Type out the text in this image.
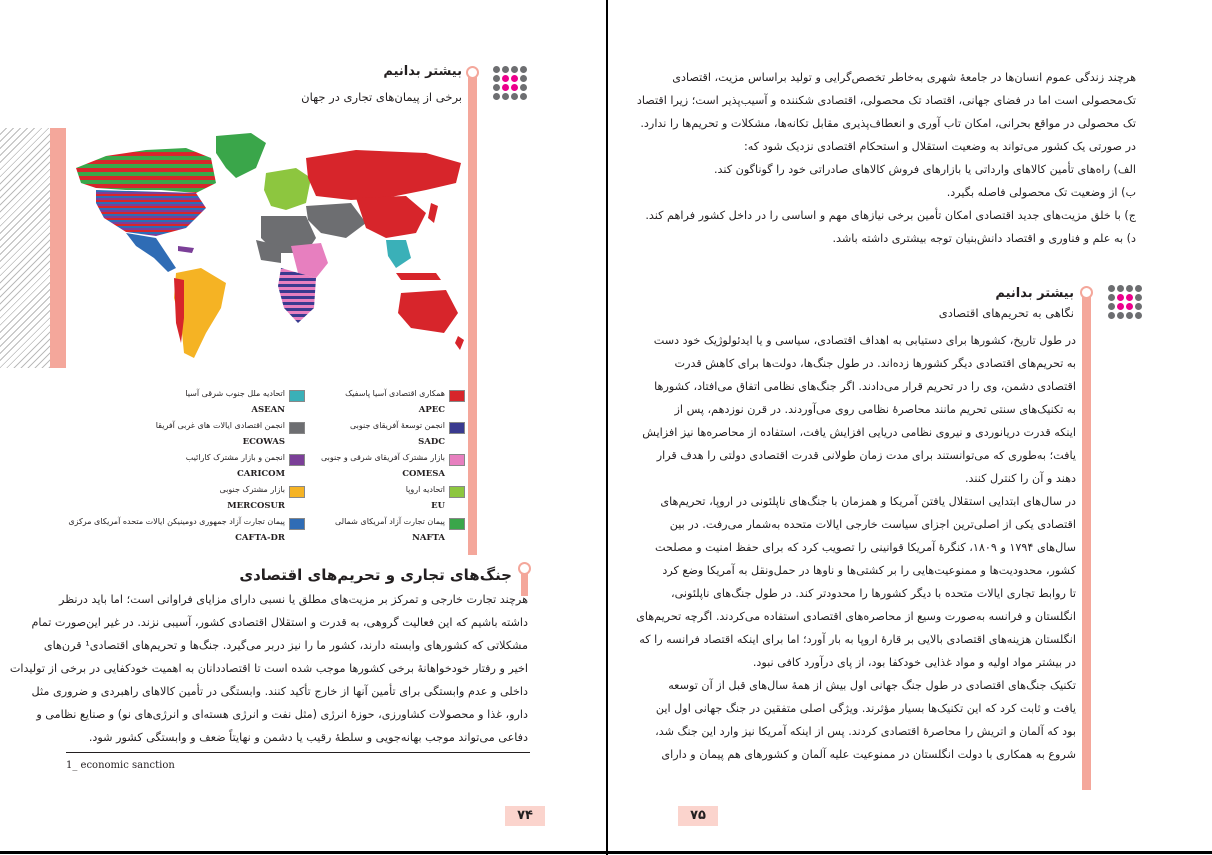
بیشتر بدانیم
برخی از پیمان‌های تجاری در جهان
همکاری اقتصادی آسیا پاسفیک
APEC
اتحادیه ملل جنوب شرقی آسیا
ASEAN
انجمن توسعهٔ آفریقای جنوبی
SADC
انجمن اقتصادی ایالات های غربی آفریقا
ECOWAS
بازار مشترک آفریقای شرقی و جنوبی
COMESA
انجمن و بازار مشترک کارائیب
CARICOM
اتحادیه اروپا
EU
بازار مشترک جنوبی
MERCOSUR
پیمان تجارت آزاد آمریکای شمالی
NAFTA
پیمان تجارت آزاد جمهوری دومینیکن ایالات متحده آمریکای مرکزی
CAFTA-DR
جنگ‌های تجاری و تحریم‌های اقتصادی
هرچند تجارت خارجی و تمرکز بر مزیت‌های مطلق یا نسبی دارای مزایای فراوانی است؛ اما باید درنظر
داشته باشیم که این فعالیت گروهی، به قدرت و استقلال اقتصادی کشور، آسیبی نزند. در غیر این‌صورت تمام
مشکلاتی که کشورهای وابسته دارند، کشور ما را نیز دربر می‌گیرد. جنگ‌ها و تحریم‌های اقتصادی¹ قرن‌های
اخیر و رفتار خودخواهانهٔ برخی کشورها موجب شده است تا اقتصاددانان به اهمیت خودکفایی در برخی از تولیدات
داخلی و عدم وابستگی برای تأمین آنها از خارج تأکید کنند. وابستگی در تأمین کالاهای راهبردی و ضروری مثل
دارو، غذا و محصولات کشاورزی، حوزهٔ انرژی (مثل نفت و انرژی هسته‌ای و انرژی‌های نو) و صنایع نظامی و
دفاعی می‌تواند موجب بهانه‌جویی و سلطهٔ رقیب یا دشمن و نهایتاً ضعف و وابستگی کشور شود.
1_ economic sanction
۷۴
هرچند زندگی عموم انسان‌ها در جامعهٔ شهری به‌خاطر تخصص‌گرایی و تولید براساس مزیت، اقتصادی
تک‌محصولی است اما در فضای جهانی، اقتصاد تک محصولی، اقتصادی شکننده و آسیب‌پذیر است؛ زیرا اقتصاد
تک محصولی در مواقع بحرانی، امکان تاب آوری و انعطاف‌پذیری مقابل تکانه‌ها، مشکلات و تحریم‌ها را ندارد.
در صورتی یک کشور می‌تواند به وضعیت استقلال و استحکام اقتصادی نزدیک شود که:
الف) راه‌های تأمین کالاهای وارداتی یا بازارهای فروش کالاهای صادراتی خود را گوناگون کند.
ب) از وضعیت تک محصولی فاصله بگیرد.
ج) با خلق مزیت‌های جدید اقتصادی امکان تأمین برخی نیازهای مهم و اساسی را در داخل کشور فراهم کند.
د) به علم و فناوری و اقتصاد دانش‌بنیان توجه بیشتری داشته باشد.
بیشتر بدانیم
نگاهی به تحریم‌های اقتصادی
در طول تاریخ، کشورها برای دستیابی به اهداف اقتصادی، سیاسی و یا ایدئولوژیک خود دست
به تحریم‌های اقتصادی دیگر کشورها زده‌اند. در طول جنگ‌ها، دولت‌ها برای کاهش قدرت
اقتصادی دشمن، وی را در تحریم قرار می‌دادند. اگر جنگ‌های نظامی اتفاق می‌افتاد، کشورها
به تکنیک‌های سنتی تحریم مانند محاصرهٔ نظامی روی می‌آوردند. در قرن نوزدهم، پس از
اینکه قدرت دریانوردی و نیروی نظامی دریایی افزایش یافت، استفاده از محاصره‌ها نیز افزایش
یافت؛ به‌طوری که می‌توانستند برای مدت زمان طولانی قدرت اقتصادی دولتی را هدف قرار
دهند و آن را کنترل کنند.
در سال‌های ابتدایی استقلال یافتن آمریکا و همزمان با جنگ‌های ناپلئونی در اروپا، تحریم‌های
اقتصادی یکی از اصلی‌ترین اجزای سیاست خارجی ایالات متحده به‌شمار می‌رفت. در بین
سال‌های ۱۷۹۴ و ۱۸۰۹، کنگرهٔ آمریکا قوانینی را تصویب کرد که برای حفظ امنیت و مصلحت
کشور، محدودیت‌ها و ممنوعیت‌هایی را بر کشتی‌ها و ناوها در حمل‌ونقل به آمریکا وضع کرد
تا روابط تجاری ایالات متحده با دیگر کشورها را محدودتر کند. در طول جنگ‌های ناپلئونی،
انگلستان و فرانسه به‌صورت وسیع از محاصره‌های اقتصادی استفاده می‌کردند. اگرچه تحریم‌های
انگلستان هزینه‌های اقتصادی بالایی بر قارهٔ اروپا به بار آورد؛ اما برای اینکه اقتصاد فرانسه را که
در بیشتر مواد اولیه و مواد غذایی خودکفا بود، از پای درآورد کافی نبود.
تکنیک جنگ‌های اقتصادی در طول جنگ جهانی اول بیش از همهٔ سال‌های قبل از آن توسعه
یافت و ثابت کرد که این تکنیک‌ها بسیار مؤثرند. ویژگی اصلی متفقین در جنگ جهانی اول این
بود که آلمان و اتریش را محاصرهٔ اقتصادی کردند. پس از اینکه آمریکا نیز وارد این جنگ شد،
شروع به همکاری با دولت انگلستان در ممنوعیت علیه آلمان و کشورهای هم پیمان و دارای
۷۵
